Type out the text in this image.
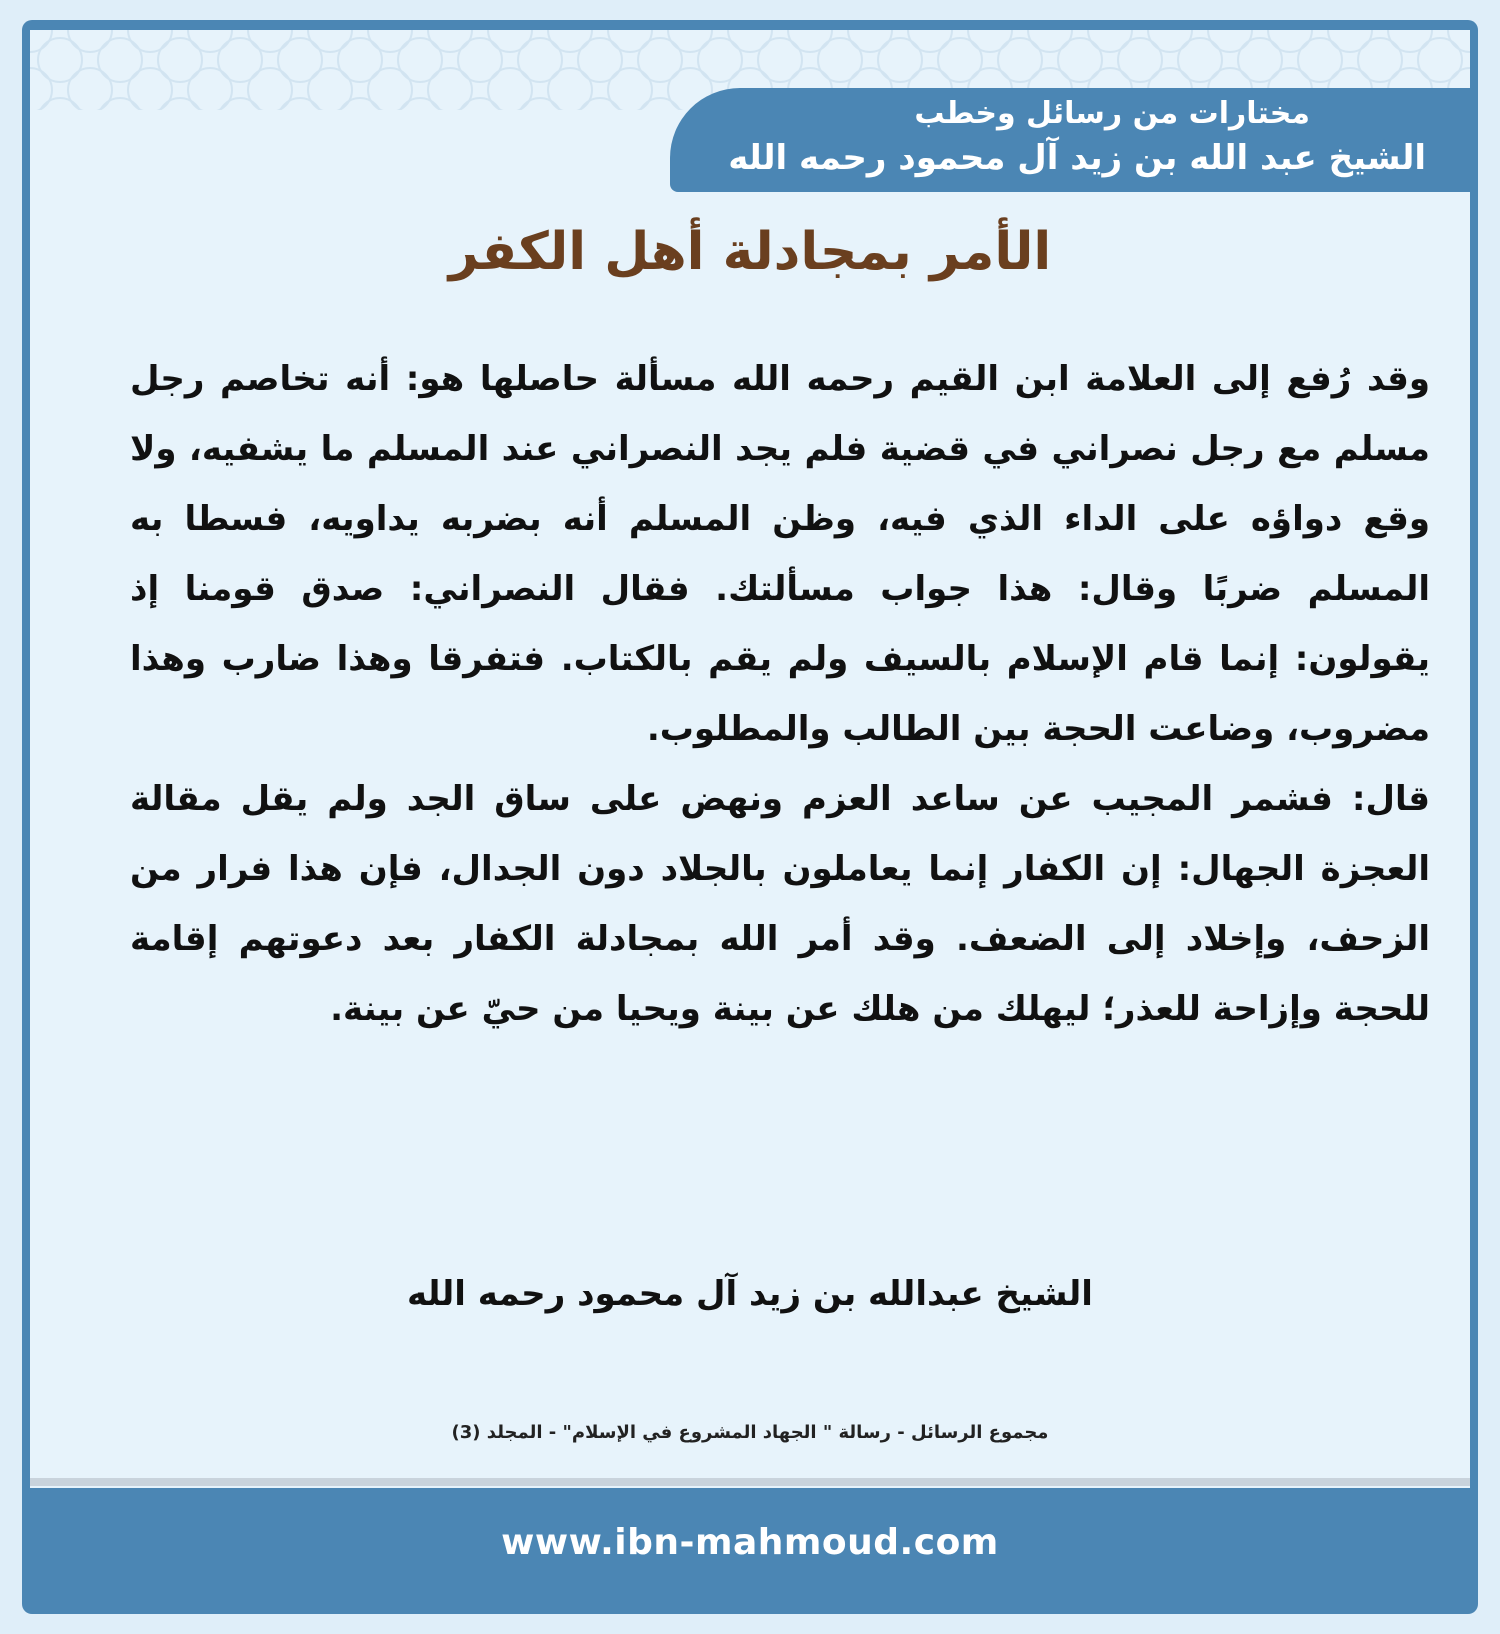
مختارات من رسائل وخطب
الشيخ عبد الله بن زيد آل محمود رحمه الله
الأمر بمجادلة أهل الكفر

وقد رُفع إلى العلامة ابن القيم رحمه الله مسألة حاصلها هو: أنه تخاصم رجل مسلم مع رجل نصراني في قضية فلم يجد النصراني عند المسلم ما يشفيه، ولا وقع دواؤه على الداء الذي فيه، وظن المسلم أنه بضربه يداويه، فسطا به المسلم ضربًا وقال: هذا جواب مسألتك. فقال النصراني: صدق قومنا إذ يقولون: إنما قام الإسلام بالسيف ولم يقم بالكتاب. فتفرقا وهذا ضارب وهذا مضروب، وضاعت الحجة بين الطالب والمطلوب.

قال: فشمر المجيب عن ساعد العزم ونهض على ساق الجد ولم يقل مقالة العجزة الجهال: إن الكفار إنما يعاملون بالجلاد دون الجدال، فإن هذا فرار من الزحف، وإخلاد إلى الضعف. وقد أمر الله بمجادلة الكفار بعد دعوتهم إقامة للحجة وإزاحة للعذر؛ ليهلك من هلك عن بينة ويحيا من حيّ عن بينة.

الشيخ عبدالله بن زيد آل محمود رحمه الله
مجموع الرسائل - رسالة " الجهاد المشروع في الإسلام" - المجلد (3)
www.ibn-mahmoud.com
